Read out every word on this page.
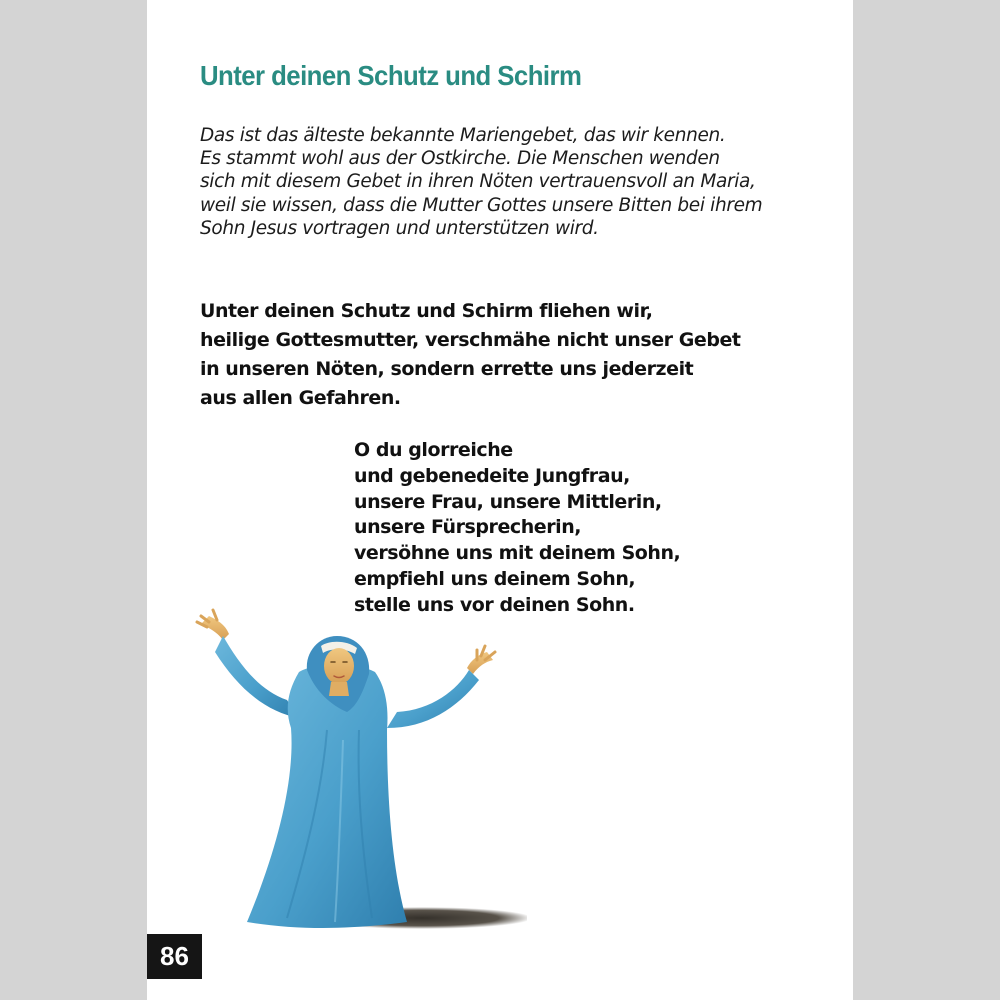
Unter deinen Schutz und Schirm

Das ist das älteste bekannte Mariengebet, das wir kennen.
Es stammt wohl aus der Ostkirche. Die Menschen wenden
sich mit diesem Gebet in ihren Nöten vertrauensvoll an Maria,
weil sie wissen, dass die Mutter Gottes unsere Bitten bei ihrem
Sohn Jesus vortragen und unterstützen wird.

Unter deinen Schutz und Schirm fliehen wir,
heilige Gottesmutter, verschmähe nicht unser Gebet
in unseren Nöten, sondern errette uns jederzeit
aus allen Gefahren.

O du glorreiche
und gebenedeite Jungfrau,
unsere Frau, unsere Mittlerin,
unsere Fürsprecherin,
versöhne uns mit deinem Sohn,
empfiehl uns deinem Sohn,
stelle uns vor deinen Sohn.

86
